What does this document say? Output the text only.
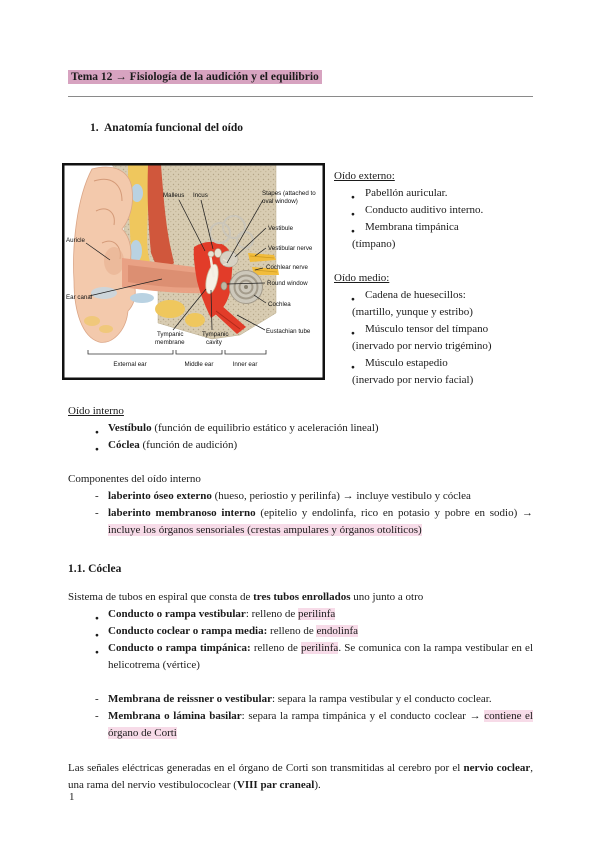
Tema 12 → Fisiología de la audición y el equilibrio
1. Anatomía funcional del oído
Malleus Incus	Stapes (attached to
oval window)
Vestibule
Vestibular nerve
Cochlear nerve
Round window
Cochlea
Eustachian tube
Auricle
Ear canal
Tympanic
membrane
Tympanic
cavity
External ear	Middle ear	Inner ear
Oído externo:
● Pabellón auricular.
● Conducto auditivo interno.
● Membrana timpánica
(tímpano)
Oído medio:
● Cadena de huesecillos:
(martillo, yunque y estribo)
● Músculo tensor del tímpano
(inervado por nervio trigémino)
● Músculo estapedio
(inervado por nervio facial)
Oído interno
● Vestíbulo (función de equilibrio estático y aceleración lineal)
● Cóclea (función de audición)
Componentes del oído interno
- laberinto óseo externo (hueso, periostio y perilinfa) → incluye vestibulo y cóclea
- laberinto membranoso interno (epitelio y endolinfa, rico en potasio y pobre en sodio) → incluye los órganos sensoriales (crestas ampulares y órganos otolíticos)
1.1. Cóclea
Sistema de tubos en espiral que consta de tres tubos enrollados uno junto a otro
● Conducto o rampa vestibular: relleno de perilinfa
● Conducto coclear o rampa media: relleno de endolinfa
● Conducto o rampa timpánica: relleno de perilinfa. Se comunica con la rampa vestibular en el helicotrema (vértice)
- Membrana de reissner o vestibular: separa la rampa vestibular y el conducto coclear.
- Membrana o lámina basilar: separa la rampa timpánica y el conducto coclear → contiene el órgano de Corti
Las señales eléctricas generadas en el órgano de Corti son transmitidas al cerebro por el nervio coclear, una rama del nervio vestibulococlear (VIII par craneal).
1
